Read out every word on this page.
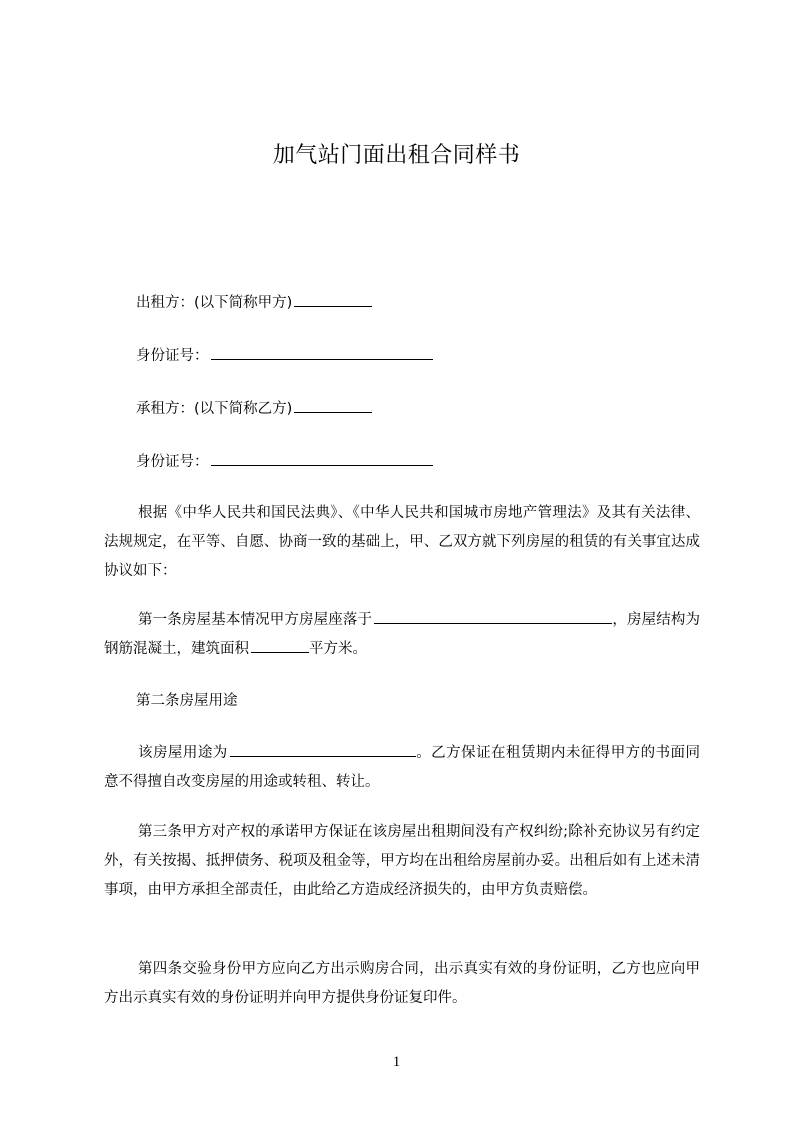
加气站门面出租合同样书
出租方：(以下简称甲方)
身份证号：
承租方：(以下简称乙方)
身份证号：
根据《中华人民共和国民法典》、《中华人民共和国城市房地产管理法》及其有关法律、法规规定，在平等、自愿、协商一致的基础上，甲、乙双方就下列房屋的租赁的有关事宜达成协议如下：
第一条房屋基本情况甲方房屋座落于	，房屋结构为钢筋混凝土，建筑面积	平方米。
第二条房屋用途
该房屋用途为	。乙方保证在租赁期内未征得甲方的书面同意不得擅自改变房屋的用途或转租、转让。
第三条甲方对产权的承诺甲方保证在该房屋出租期间没有产权纠纷;除补充协议另有约定外，有关按揭、抵押债务、税项及租金等，甲方均在出租给房屋前办妥。出租后如有上述未清事项，由甲方承担全部责任，由此给乙方造成经济损失的，由甲方负责赔偿。
第四条交验身份甲方应向乙方出示购房合同，出示真实有效的身份证明，乙方也应向甲方出示真实有效的身份证明并向甲方提供身份证复印件。
1
